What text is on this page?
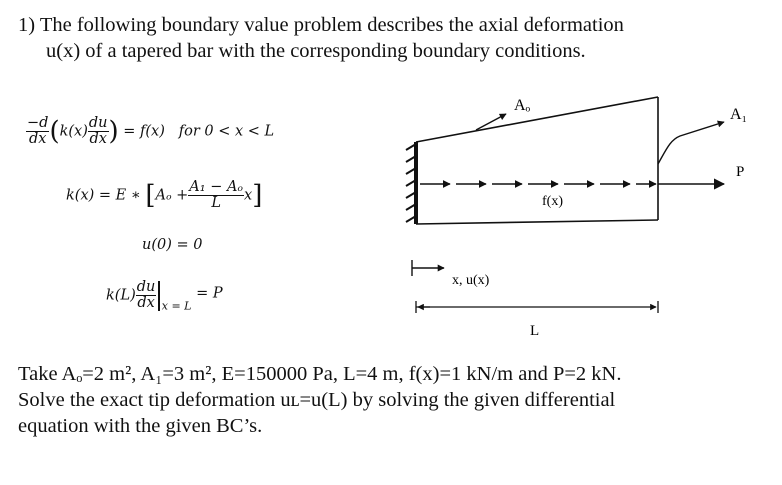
1) The following boundary value problem describes the axial deformation
u(x) of a tapered bar with the corresponding boundary conditions.
$\frac{-d}{dx} (k(x) \frac{du}{dx}$ ) = f(x) for 0 < x < L
k(x) = E ∗ $[A_o + \frac{\text{A₁ − Aₒ}}{L} x]$
u(0) = 0
$k(L) \frac{du}{dx} _{x = L} = P$
f(x)
P
Aₒ
A₁
x, u(x)
L
Take Aₒ=2 m², A₁=3 m², E=150000 Pa, L=4 m, f(x)=1 kN/m and P=2 kN.
Solve the exact tip deformation uʟ=u(L) by solving the given differential
equation with the given BC’s.
